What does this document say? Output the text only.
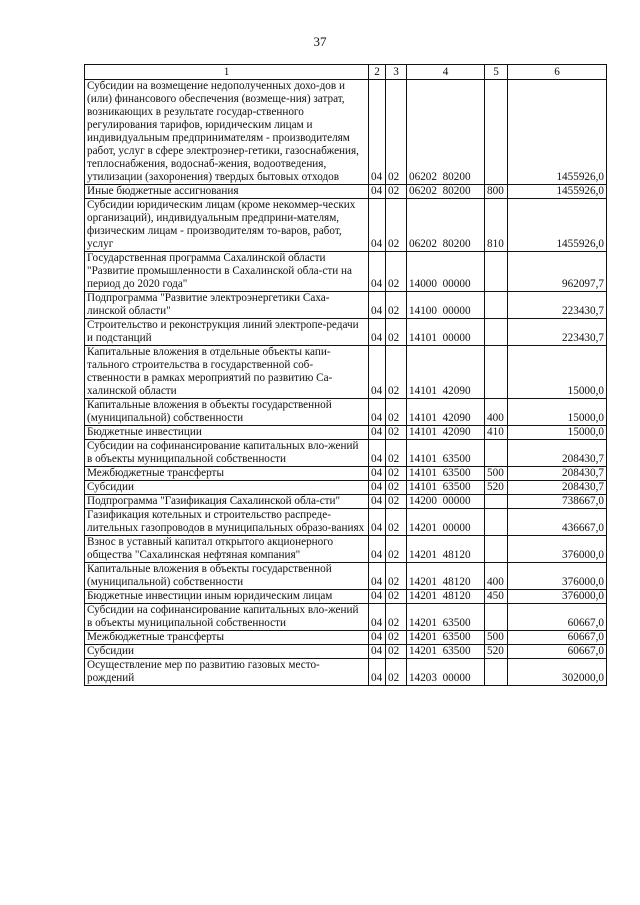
37
1	2	3	4	5	6
Субсидии на возмещение недополученных дохо-дов и (или) финансового обеспечения (возмеще-ния) затрат, возникающих в результате государ-ственного регулирования тарифов, юридическим лицам и индивидуальным предпринимателям - производителям работ, услуг в сфере электроэнер-гетики, газоснабжения, теплоснабжения, водоснаб-жения, водоотведения, утилизации (захоронения) твердых бытовых отходов	04	02	06202  80200		1455926,0
Иные бюджетные ассигнования	04	02	06202  80200	800	1455926,0
Субсидии юридическим лицам (кроме некоммер-ческих организаций), индивидуальным предприни-мателям, физическим лицам - производителям то-варов, работ, услуг	04	02	06202  80200	810	1455926,0
Государственная программа Сахалинской области "Развитие промышленности в Сахалинской обла-сти на период до 2020 года"	04	02	14000  00000		962097,7
Подпрограмма "Развитие электроэнергетики Саха-линской области"	04	02	14100  00000		223430,7
Строительство и реконструкция линий электропе-редачи и подстанций	04	02	14101  00000		223430,7
Капитальные вложения в отдельные объекты капи-тального строительства в государственной соб-ственности в рамках мероприятий по развитию Са-халинской области	04	02	14101  42090		15000,0
Капитальные вложения в объекты государственной (муниципальной) собственности	04	02	14101  42090	400	15000,0
Бюджетные инвестиции	04	02	14101  42090	410	15000,0
Субсидии на софинансирование капитальных вло-жений в объекты муниципальной собственности	04	02	14101  63500		208430,7
Межбюджетные трансферты	04	02	14101  63500	500	208430,7
Субсидии	04	02	14101  63500	520	208430,7
Подпрограмма "Газификация Сахалинской обла-сти"	04	02	14200  00000		738667,0
Газификация котельных и строительство распреде-лительных газопроводов в муниципальных образо-ваниях	04	02	14201  00000		436667,0
Взнос в уставный капитал открытого акционерного общества "Сахалинская нефтяная компания"	04	02	14201  48120		376000,0
Капитальные вложения в объекты государственной (муниципальной) собственности	04	02	14201  48120	400	376000,0
Бюджетные инвестиции иным юридическим лицам	04	02	14201  48120	450	376000,0
Субсидии на софинансирование капитальных вло-жений в объекты муниципальной собственности	04	02	14201  63500		60667,0
Межбюджетные трансферты	04	02	14201  63500	500	60667,0
Субсидии	04	02	14201  63500	520	60667,0
Осуществление мер по развитию газовых место-рождений	04	02	14203  00000		302000,0
